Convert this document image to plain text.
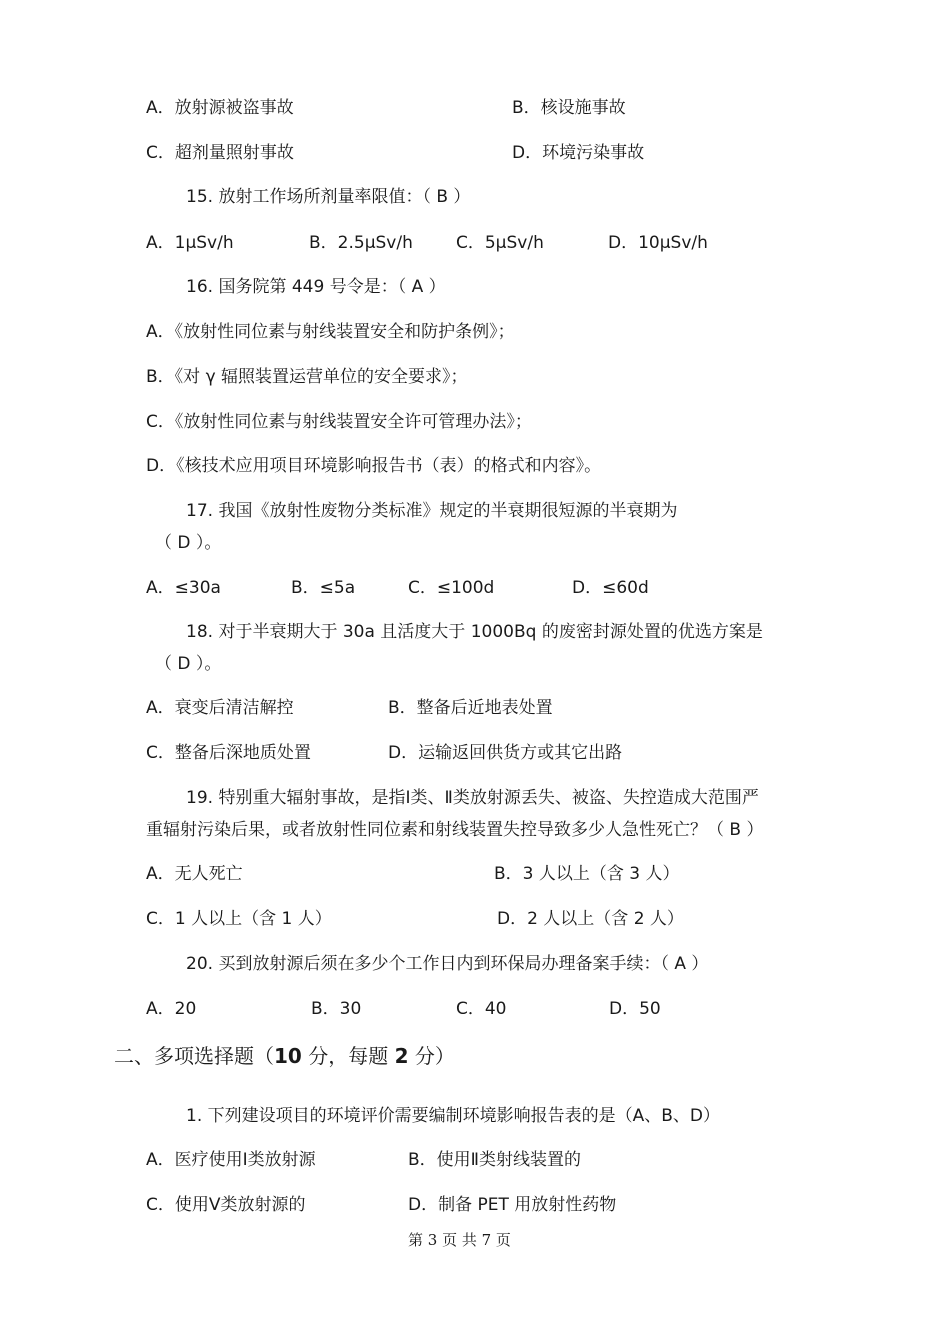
A．放射源被盗事故	B．核设施事故
C．超剂量照射事故	D．环境污染事故
15. 放射工作场所剂量率限值：（ B ）
A．1μSv/h	B．2.5μSv/h	C．5μSv/h	D．10μSv/h
16. 国务院第 449 号令是：（ A ）
A．《放射性同位素与射线装置安全和防护条例》；
B．《对 γ 辐照装置运营单位的安全要求》；
C．《放射性同位素与射线装置安全许可管理办法》；
D．《核技术应用项目环境影响报告书（表）的格式和内容》。
17. 我国《放射性废物分类标准》规定的半衰期很短源的半衰期为
（ D ）。
A．≤30a	B．≤5a	C．≤100d	D．≤60d
18. 对于半衰期大于 30a 且活度大于 1000Bq 的废密封源处置的优选方案是
（ D ）。
A．衰变后清洁解控	B．整备后近地表处置
C．整备后深地质处置	D．运输返回供货方或其它出路
19. 特别重大辐射事故，是指Ⅰ类、Ⅱ类放射源丢失、被盗、失控造成大范围严
重辐射污染后果，或者放射性同位素和射线装置失控导致多少人急性死亡？（ B ）
A．无人死亡	B．3 人以上（含 3 人）
C．1 人以上（含 1 人）	D．2 人以上（含 2 人）
20. 买到放射源后须在多少个工作日内到环保局办理备案手续：（ A ）
A．20	B．30	C．40	D．50
二、多项选择题（10 分，每题 2 分）
1. 下列建设项目的环境评价需要编制环境影响报告表的是（A、B、D）
A．医疗使用Ⅰ类放射源	B．使用Ⅱ类射线装置的
C．使用Ⅴ类放射源的	D．制备 PET 用放射性药物
第 3 页 共 7 页
